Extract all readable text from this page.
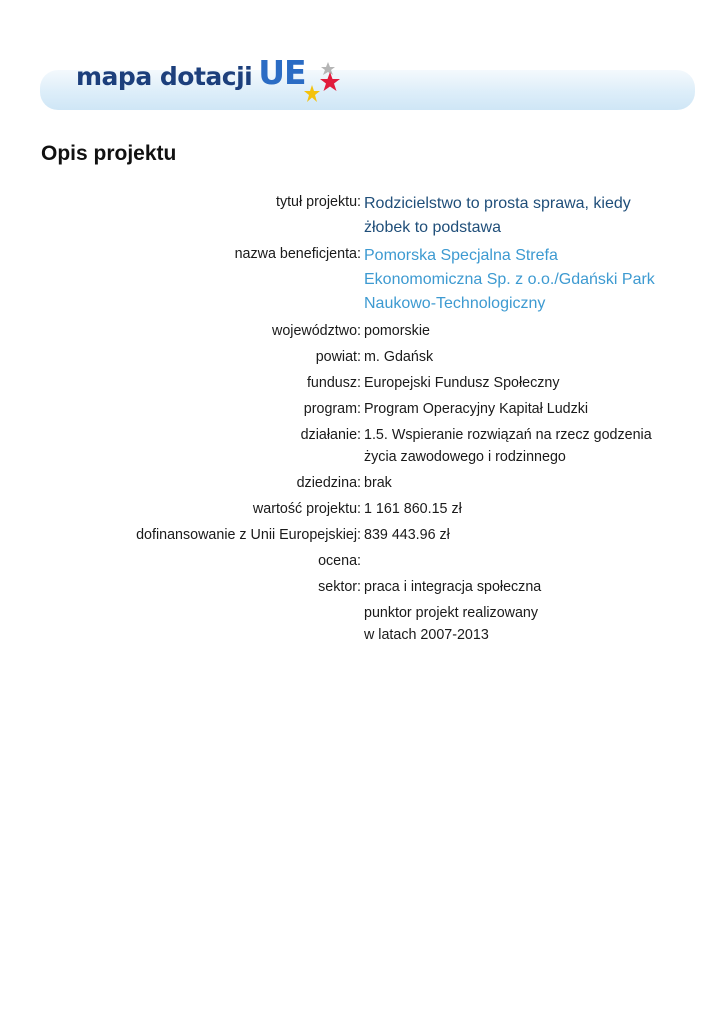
mapa dotacji UE
Opis projektu
tytuł projektu: Rodzicielstwo to prosta sprawa, kiedy żłobek to podstawa
nazwa beneficjenta: Pomorska Specjalna Strefa Ekonomomiczna Sp. z o.o./Gdański Park Naukowo-Technologiczny
województwo: pomorskie
powiat: m. Gdańsk
fundusz: Europejski Fundusz Społeczny
program: Program Operacyjny Kapitał Ludzki
działanie: 1.5. Wspieranie rozwiązań na rzecz godzenia życia zawodowego i rodzinnego
dziedzina: brak
wartość projektu: 1 161 860.15 zł
dofinansowanie z Unii Europejskiej: 839 443.96 zł
ocena:
sektor: praca i integracja społeczna
punktor projekt realizowany
w latach 2007-2013
